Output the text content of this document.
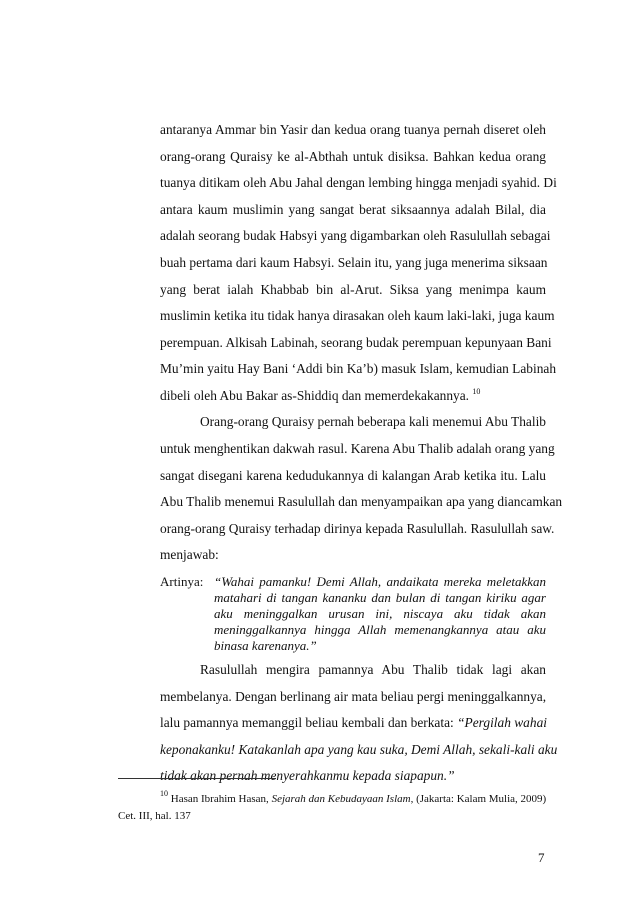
antaranya Ammar bin Yasir dan kedua orang tuanya pernah diseret oleh
orang-orang Quraisy ke al-Abthah untuk disiksa. Bahkan kedua orang
tuanya ditikam oleh Abu Jahal dengan lembing hingga menjadi syahid. Di
antara kaum muslimin yang sangat berat siksaannya adalah Bilal, dia
adalah seorang budak Habsyi yang digambarkan oleh Rasulullah sebagai
buah pertama dari kaum Habsyi. Selain itu, yang juga menerima siksaan
yang berat ialah Khabbab bin al-Arut. Siksa yang menimpa kaum
muslimin ketika itu tidak hanya dirasakan oleh kaum laki-laki, juga kaum
perempuan. Alkisah Labinah, seorang budak perempuan kepunyaan Bani
Mu’min yaitu Hay Bani ‘Addi bin Ka’b) masuk Islam, kemudian Labinah
dibeli oleh Abu Bakar as-Shiddiq dan memerdekakannya. $^{10}$
Orang-orang Quraisy pernah beberapa kali menemui Abu Thalib
untuk menghentikan dakwah rasul. Karena Abu Thalib adalah orang yang
sangat disegani karena kedudukannya di kalangan Arab ketika itu. Lalu
Abu Thalib menemui Rasulullah dan menyampaikan apa yang diancamkan
orang-orang Quraisy terhadap dirinya kepada Rasulullah. Rasulullah saw.
menjawab:
Artinya: “Wahai pamanku! Demi Allah, andaikata mereka meletakkan
matahari di tangan kananku dan bulan di tangan kiriku agar
aku meninggalkan urusan ini, niscaya aku tidak akan
meninggalkannya hingga Allah memenangkannya atau aku
binasa karenanya.”
Rasulullah mengira pamannya Abu Thalib tidak lagi akan
membelanya. Dengan berlinang air mata beliau pergi meninggalkannya,
lalu pamannya memanggil beliau kembali dan berkata: “Pergilah wahai
keponakanku! Katakanlah apa yang kau suka, Demi Allah, sekali-kali aku
tidak akan pernah menyerahkanmu kepada siapapun.”
$^{10}$ Hasan Ibrahim Hasan, Sejarah dan Kebudayaan Islam, (Jakarta: Kalam Mulia, 2009)
Cet. III, hal. 137
7
